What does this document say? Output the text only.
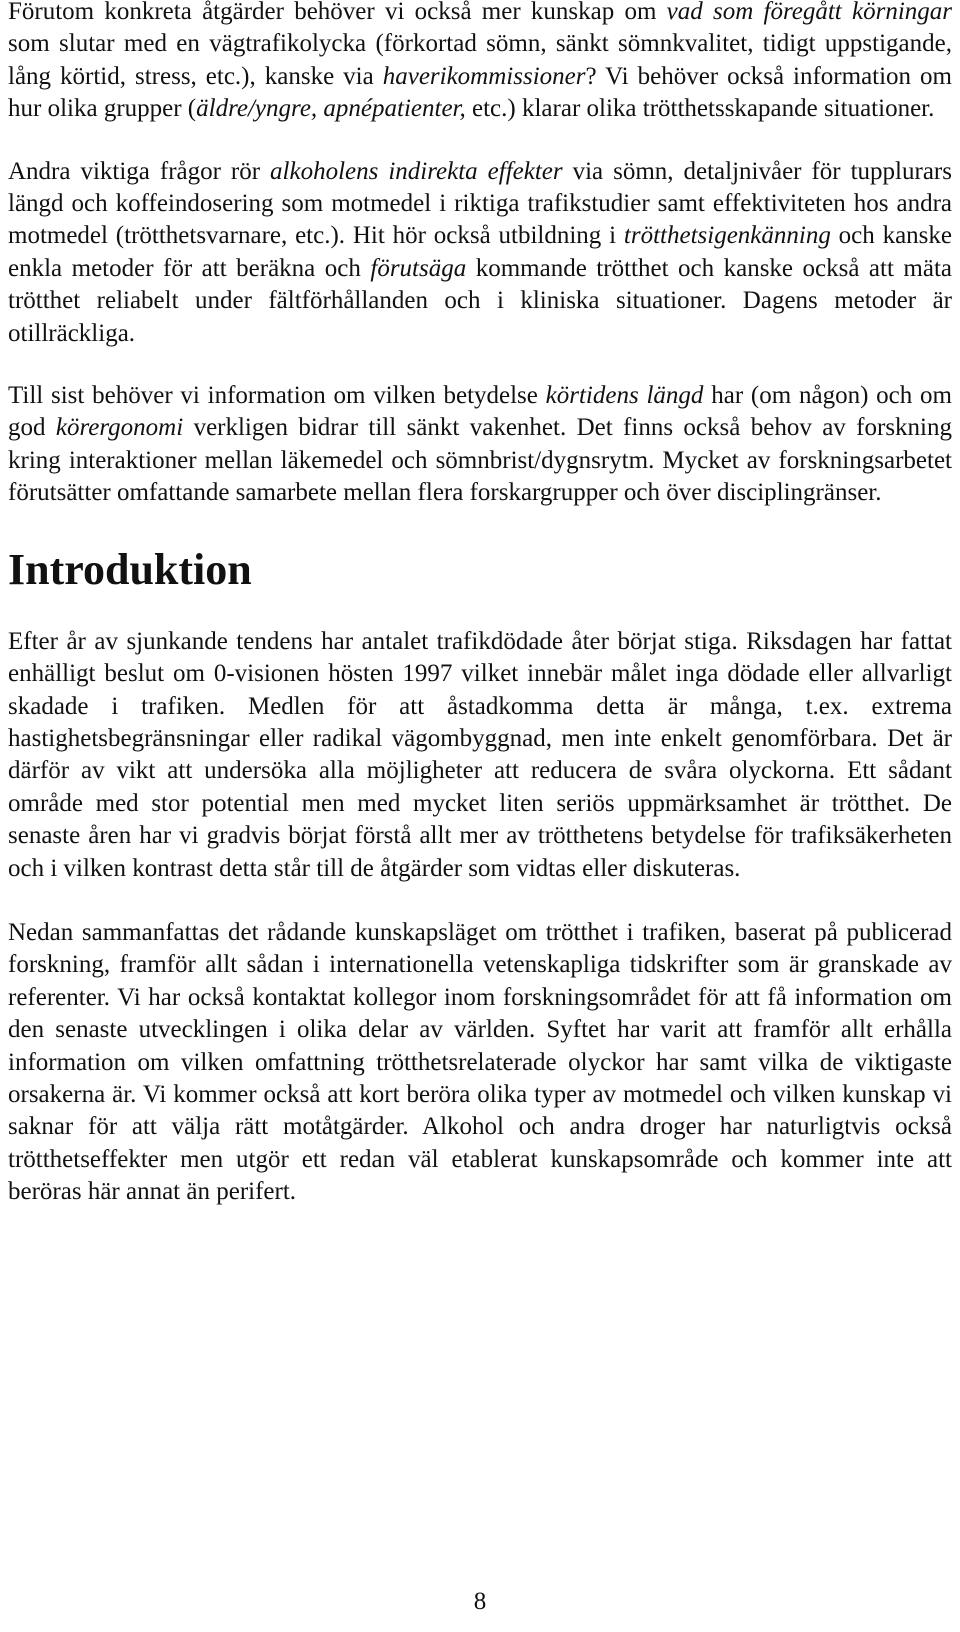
Förutom konkreta åtgärder behöver vi också mer kunskap om vad som föregått körningar som slutar med en vägtrafikolycka (förkortad sömn, sänkt sömnkvalitet, tidigt uppstigande, lång körtid, stress, etc.), kanske via haverikommissioner? Vi behöver också information om hur olika grupper (äldre/yngre, apnépatienter, etc.) klarar olika trötthetsskapande situationer.

Andra viktiga frågor rör alkoholens indirekta effekter via sömn, detaljnivåer för tupplurars längd och koffeindosering som motmedel i riktiga trafikstudier samt effektiviteten hos andra motmedel (trötthetsvarnare, etc.). Hit hör också utbildning i trötthetsigenkänning och kanske enkla metoder för att beräkna och förutsäga kommande trötthet och kanske också att mäta trötthet reliabelt under fältförhållanden och i kliniska situationer. Dagens metoder är otillräckliga.

Till sist behöver vi information om vilken betydelse körtidens längd har (om någon) och om god körergonomi verkligen bidrar till sänkt vakenhet. Det finns också behov av forskning kring interaktioner mellan läkemedel och sömnbrist/dygnsrytm. Mycket av forskningsarbetet förutsätter omfattande samarbete mellan flera forskargrupper och över disciplingränser.

Introduktion

Efter år av sjunkande tendens har antalet trafikdödade åter börjat stiga. Riksdagen har fattat enhälligt beslut om 0-visionen hösten 1997 vilket innebär målet inga dödade eller allvarligt skadade i trafiken. Medlen för att åstadkomma detta är många, t.ex. extrema hastighetsbegränsningar eller radikal vägombyggnad, men inte enkelt genomförbara. Det är därför av vikt att undersöka alla möjligheter att reducera de svåra olyckorna. Ett sådant område med stor potential men med mycket liten seriös uppmärksamhet är trötthet. De senaste åren har vi gradvis börjat förstå allt mer av trötthetens betydelse för trafiksäkerheten och i vilken kontrast detta står till de åtgärder som vidtas eller diskuteras.

Nedan sammanfattas det rådande kunskapsläget om trötthet i trafiken, baserat på publicerad forskning, framför allt sådan i internationella vetenskapliga tidskrifter som är granskade av referenter. Vi har också kontaktat kollegor inom forskningsområdet för att få information om den senaste utvecklingen i olika delar av världen. Syftet har varit att framför allt erhålla information om vilken omfattning trötthetsrelaterade olyckor har samt vilka de viktigaste orsakerna är. Vi kommer också att kort beröra olika typer av motmedel och vilken kunskap vi saknar för att välja rätt motåtgärder. Alkohol och andra droger har naturligtvis också trötthetseffekter men utgör ett redan väl etablerat kunskapsområde och kommer inte att beröras här annat än perifert.

8
